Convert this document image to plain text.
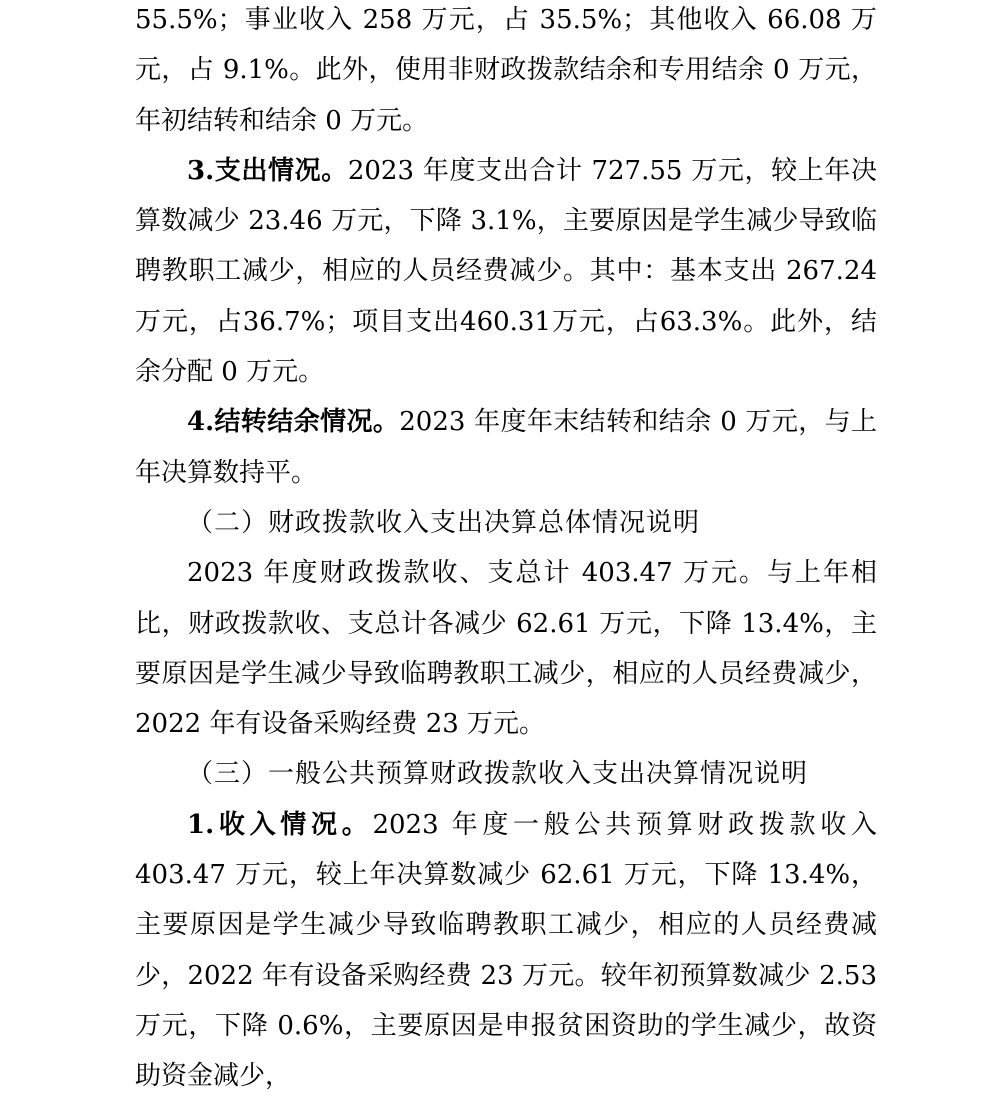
55.5%；事业收入 258 万元，占 35.5%；其他收入 66.08 万元，占 9.1%。此外，使用非财政拨款结余和专用结余 0 万元，年初结转和结余 0 万元。

3.支出情况。2023 年度支出合计 727.55 万元，较上年决算数减少 23.46 万元，下降 3.1%，主要原因是学生减少导致临聘教职工减少，相应的人员经费减少。其中：基本支出 267.24 万元，占36.7%；项目支出460.31万元，占63.3%。此外，结余分配 0 万元。

4.结转结余情况。2023 年度年末结转和结余 0 万元，与上年决算数持平。

（二）财政拨款收入支出决算总体情况说明

2023 年度财政拨款收、支总计 403.47 万元。与上年相比，财政拨款收、支总计各减少 62.61 万元，下降 13.4%，主要原因是学生减少导致临聘教职工减少，相应的人员经费减少，2022 年有设备采购经费 23 万元。

（三）一般公共预算财政拨款收入支出决算情况说明

1.收入情况。2023 年度一般公共预算财政拨款收入 403.47 万元，较上年决算数减少 62.61 万元，下降 13.4%，主要原因是学生减少导致临聘教职工减少，相应的人员经费减少，2022 年有设备采购经费 23 万元。较年初预算数减少 2.53 万元，下降 0.6%，主要原因是申报贫困资助的学生减少，故资助资金减少，
